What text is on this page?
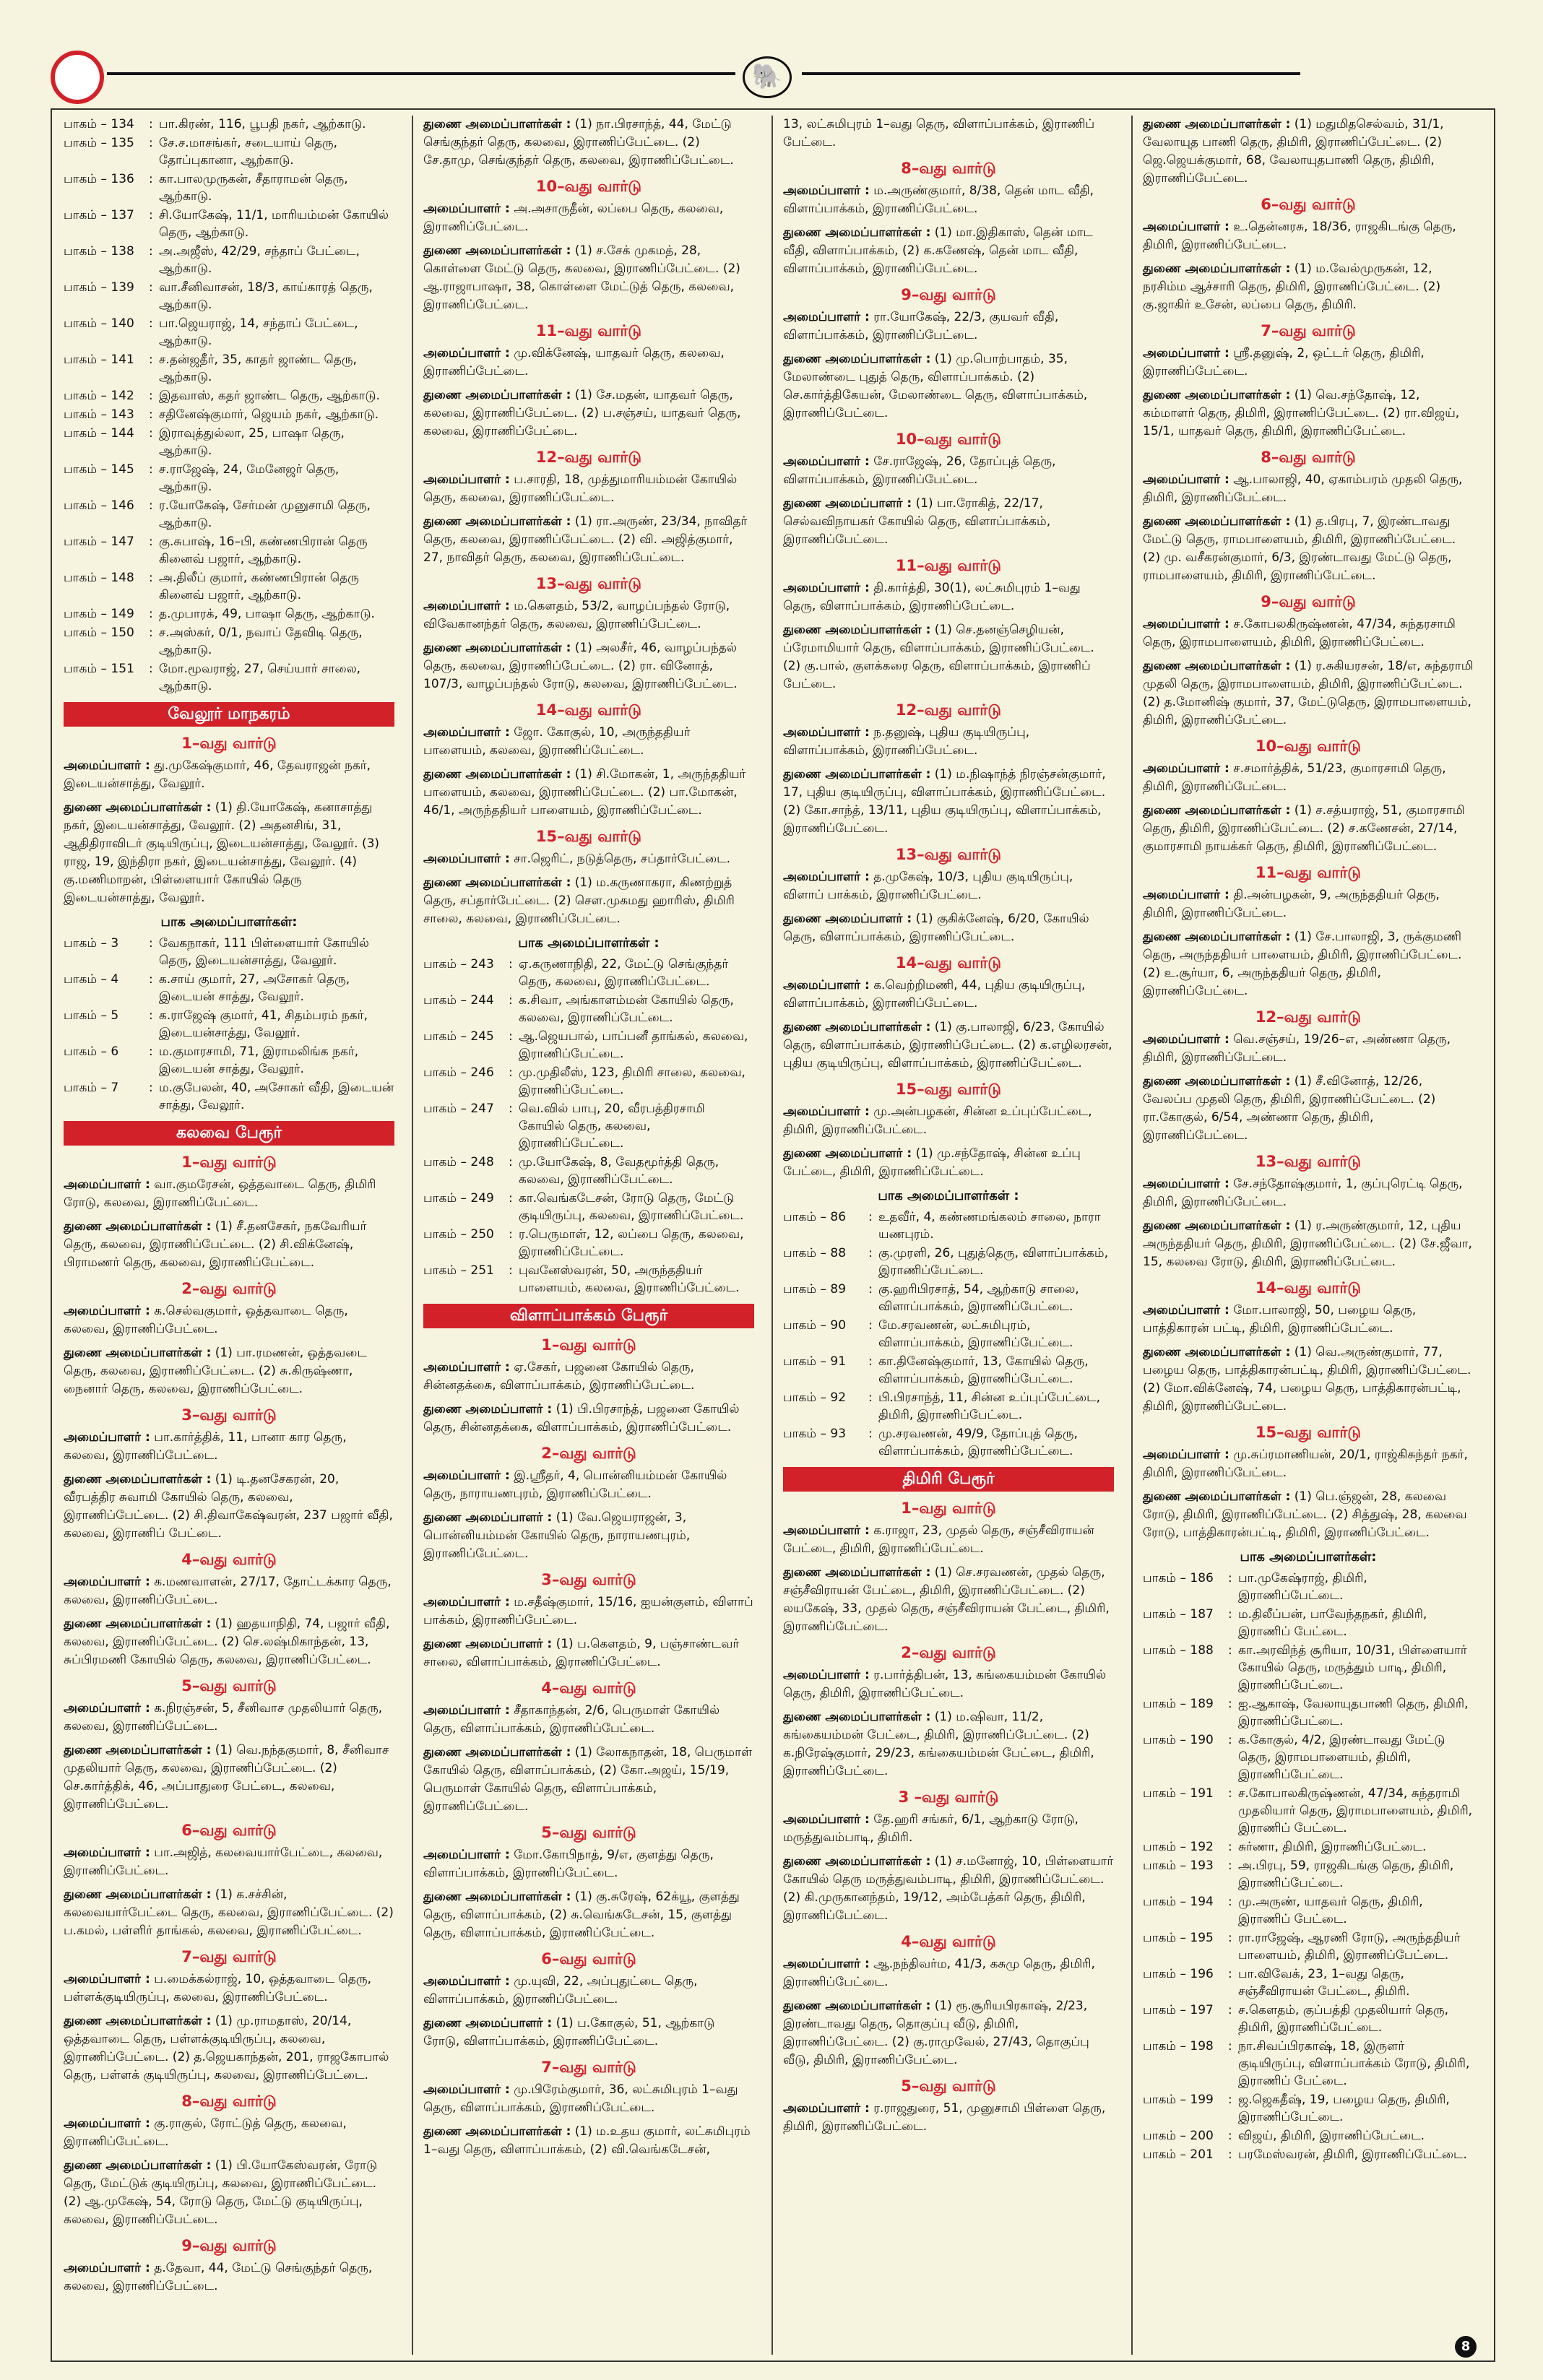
🐘
பாகம் – 134	: பா.கிரண், 116, பூபதி நகர், ஆற்காடு.
பாகம் – 135	: சே.ச.மாசங்கர், சடையாய் தெரு, தோப்புகானா, ஆற்காடு.
பாகம் – 136	: கா.பாலமுருகன், சீதாராமன் தெரு, ஆற்காடு.
பாகம் – 137	: சி.யோகேஷ், 11/1, மாரியம்மன் கோயில் தெரு, ஆற்காடு.
பாகம் – 138	: அ.அஜீஸ், 42/29, சந்தாப் பேட்டை, ஆற்காடு.
பாகம் – 139	: வா.சீனிவாசன், 18/3, காய்காரத் தெரு, ஆற்காடு.
பாகம் – 140	: பா.ஜெயராஜ், 14, சந்தாப் பேட்டை, ஆற்காடு.
பாகம் – 141	: ச.தன்ஜதீர், 35, காதர் ஜாண்ட தெரு, ஆற்காடு.
பாகம் – 142	: இதவாஸ், கதர் ஜாண்ட தெரு, ஆற்காடு.
பாகம் – 143	: சதினேஷ்குமார், ஜெயம் நகர், ஆற்காடு.
பாகம் – 144	: இராவுத்துல்லா, 25, பாஷா தெரு, ஆற்காடு.
பாகம் – 145	: ச.ராஜேஷ், 24, மேனேஜர் தெரு, ஆற்காடு.
பாகம் – 146	: ர.யோகேஷ், சேர்மன் முனுசாமி தெரு, ஆற்காடு.
பாகம் – 147	: கு.சுபாஷ், 16–பி, கண்ணபிரான் தெரு கினைவ் பஜார், ஆற்காடு.
பாகம் – 148	: அ.திலீப் குமார், கண்ணபிரான் தெரு கினைவ் பஜார், ஆற்காடு.
பாகம் – 149	: த.முபாரக், 49, பாஷா தெரு, ஆற்காடு.
பாகம் – 150	: ச.அஸ்கர், 0/1, நவாப் தேவிடி தெரு, ஆற்காடு.
பாகம் – 151	: மோ.மூவராஜ், 27, செய்யார் சாலை, ஆற்காடு.
வேலூர் மாநகரம்
1–வது வார்டு
அமைப்பாளர் : து.முகேஷ்குமார், 46, தேவராஜன் நகர், இடையன்சாத்து, வேலூர்.
துணை அமைப்பாளர்கள் : (1) தி.யோகேஷ், கனாசாத்து நகர், இடையன்சாத்து, வேலூர். (2) அதனசிங், 31, ஆதிதிராவிடர் குடியிருப்பு, இடையன்சாத்து, வேலூர். (3) ராஜ, 19, இந்திரா நகர், இடையன்சாத்து, வேலூர். (4) கு.மணிமாறன், பிள்ளையார் கோயில் தெரு இடையன்சாத்து, வேலூர்.
பாக அமைப்பாளர்கள்:
பாகம் – 3	: வேகநாகர், 111 பிள்ளையார் கோயில் தெரு, இடையன்சாத்து, வேலூர்.
பாகம் – 4	: க.சாய் குமார், 27, அசோகர் தெரு, இடையன் சாத்து, வேலூர்.
பாகம் – 5	: க.ராஜேஷ் குமார், 41, சிதம்பரம் நகர், இடையன்சாத்து, வேலூர்.
பாகம் – 6	: ம.குமாரசாமி, 71, இராமலிங்க நகர், இடையன் சாத்து, வேலூர்.
பாகம் – 7	: ம.குபேலன், 40, அசோகர் வீதி, இடையன் சாத்து, வேலூர்.
கலவை பேரூர்
1–வது வார்டு
அமைப்பாளர் : வா.குமரேசன், ஒத்தவாடை தெரு, திமிரி ரோடு, கலவை, இராணிப்பேட்டை.
துணை அமைப்பாளர்கள் : (1) சீ.தனசேகர், நகவேரியர் தெரு, கலவை, இராணிப்பேட்டை. (2) சி.விக்னேஷ், பிராமணர் தெரு, கலவை, இராணிப்பேட்டை.
2–வது வார்டு
அமைப்பாளர் : க.செல்வகுமார், ஒத்தவாடை தெரு, கலவை, இராணிப்பேட்டை.
துணை அமைப்பாளர்கள் : (1) பா.ரமணன், ஒத்தவடை தெரு, கலவை, இராணிப்பேட்டை. (2) சு.கிருஷ்ணா, நைனார் தெரு, கலவை, இராணிப்பேட்டை.
3–வது வார்டு
அமைப்பாளர் : பா.கார்த்திக், 11, பானா கார தெரு, கலவை, இராணிப்பேட்டை.
துணை அமைப்பாளர்கள் : (1) டி.தனசேகரன், 20, வீரபத்திர சுவாமி கோயில் தெரு, கலவை, இராணிப்பேட்டை. (2) சி.திவாகேஷ்வரன், 237 பஜார் வீதி, கலவை, இராணிப் பேட்டை.
4–வது வார்டு
அமைப்பாளர் : க.மணவாளன், 27/17, தோட்டக்கார தெரு, கலவை, இராணிப்பேட்டை.
துணை அமைப்பாளர்கள் : (1) ஹதயாநிதி, 74, பஜார் வீதி, கலவை, இராணிப்பேட்டை. (2) செ.லஷ்மிகாந்தன், 13, சுப்பிரமணி கோயில் தெரு, கலவை, இராணிப்பேட்டை.
5–வது வார்டு
அமைப்பாளர் : க.நிரஞ்சன், 5, சீனிவாச முதலியார் தெரு, கலவை, இராணிப்பேட்டை.
துணை அமைப்பாளர்கள் : (1) வெ.நந்தகுமார், 8, சீனிவாச முதலியார் தெரு, கலவை, இராணிப்பேட்டை. (2) செ.கார்த்திக், 46, அப்பாதுரை பேட்டை, கலவை, இராணிப்பேட்டை.
6–வது வார்டு
அமைப்பாளர் : பா.அஜித், கலவையார்பேட்டை, கலவை, இராணிப்பேட்டை.
துணை அமைப்பாளர்கள் : (1) க.சச்சின், கலவையார்பேட்டை தெரு, கலவை, இராணிப்பேட்டை. (2) ப.கமல், பள்ளிர் தாங்கல், கலவை, இராணிப்பேட்டை.
7–வது வார்டு
அமைப்பாளர் : ப.மைக்கல்ராஜ், 10, ஒத்தவாடை தெரு, பள்ளக்குடியிருப்பு, கலவை, இராணிப்பேட்டை.
துணை அமைப்பாளர்கள் : (1) மு.ராமதாஸ், 20/14, ஒத்தவாடை தெரு, பள்ளக்குடியிருப்பு, கலவை, இராணிப்பேட்டை. (2) த.ஜெயகாந்தன், 201, ராஜகோபால் தெரு, பள்ளக் குடியிருப்பு, கலவை, இராணிப்பேட்டை.
8–வது வார்டு
அமைப்பாளர் : கு.ராகுல், ரோட்டுத் தெரு, கலவை, இராணிப்பேட்டை.
துணை அமைப்பாளர்கள் : (1) பி.யோகேஸ்வரன், ரோடு தெரு, மேட்டுக் குடியிருப்பு, கலவை, இராணிப்பேட்டை. (2) ஆ.முகேஷ், 54, ரோடு தெரு, மேட்டு குடியிருப்பு, கலவை, இராணிப்பேட்டை.
9–வது வார்டு
அமைப்பாளர் : த.தேவா, 44, மேட்டு செங்குந்தர் தெரு, கலவை, இராணிப்பேட்டை.
துணை அமைப்பாளர்கள் : (1) நா.பிரசாந்த், 44, மேட்டு செங்குந்தர் தெரு, கலவை, இராணிப்பேட்டை. (2) சே.தாமு, செங்குந்தர் தெரு, கலவை, இராணிப்பேட்டை.
10–வது வார்டு
அமைப்பாளர் : அ.அசாருதீன், லப்பை தெரு, கலவை, இராணிப்பேட்டை.
துணை அமைப்பாளர்கள் : (1) ச.சேக் முகமத், 28, கொள்ளை மேட்டு தெரு, கலவை, இராணிப்பேட்டை. (2) ஆ.ராஜாபாஷா, 38, கொள்ளை மேட்டுத் தெரு, கலவை, இராணிப்பேட்டை.
11–வது வார்டு
அமைப்பாளர் : மு.விக்னேஷ், யாதவர் தெரு, கலவை, இராணிப்பேட்டை.
துணை அமைப்பாளர்கள் : (1) சே.மதன், யாதவர் தெரு, கலவை, இராணிப்பேட்டை. (2) ப.சஞ்சய், யாதவர் தெரு, கலவை, இராணிப்பேட்டை.
12–வது வார்டு
அமைப்பாளர் : ப.சாரதி, 18, முத்துமாரியம்மன் கோயில் தெரு, கலவை, இராணிப்பேட்டை.
துணை அமைப்பாளர்கள் : (1) ரா.அருண், 23/34, நாவிதர் தெரு, கலவை, இராணிப்பேட்டை. (2) வி. அஜித்குமார், 27, நாவிதர் தெரு, கலவை, இராணிப்பேட்டை.
13–வது வார்டு
அமைப்பாளர் : ம.கௌதம், 53/2, வாழப்பந்தல் ரோடு, விவேகானந்தர் தெரு, கலவை, இராணிப்பேட்டை.
துணை அமைப்பாளர்கள் : (1) அலசீர், 46, வாழப்பந்தல் தெரு, கலவை, இராணிப்பேட்டை. (2) ரா. வினோத், 107/3, வாழப்பந்தல் ரோடு, கலவை, இராணிப்பேட்டை.
14–வது வார்டு
அமைப்பாளர் : ஜோ. கோகுல், 10, அருந்ததியர் பாளையம், கலவை, இராணிப்பேட்டை.
துணை அமைப்பாளர்கள் : (1) சி.மோகன், 1, அருந்ததியர் பாளையம், கலவை, இராணிப்பேட்டை. (2) பா.மோகன், 46/1, அருந்ததியர் பாளையம், இராணிப்பேட்டை.
15–வது வார்டு
அமைப்பாளர் : சா.ஜெரிட், நடுத்தெரு, சப்தார்பேட்டை.
துணை அமைப்பாளர்கள் : (1) ம.கருணாகரா, கிணற்றுத் தெரு, சப்தார்பேட்டை. (2) சௌ.முகமது ஹாரிஸ், திமிரி சாலை, கலவை, இராணிப்பேட்டை.
பாக அமைப்பாளர்கள் :
பாகம் – 243	: ஏ.கருணாநிதி, 22, மேட்டு செங்குந்தர் தெரு, கலவை, இராணிப்பேட்டை.
பாகம் – 244	: க.சிவா, அங்காளம்மன் கோயில் தெரு, கலவை, இராணிப்பேட்டை.
பாகம் – 245	: ஆ.ஜெயபால், பாப்பனீ தாங்கல், கலவை, இராணிப்பேட்டை.
பாகம் – 246	: மு.முதிலீஸ், 123, திமிரி சாலை, கலவை, இராணிப்பேட்டை.
பாகம் – 247	: வெ.வில் பாபு, 20, வீரபத்திரசாமி கோயில் தெரு, கலவை, இராணிப்பேட்டை.
பாகம் – 248	: மு.யோகேஷ், 8, வேதமூர்த்தி தெரு, கலவை, இராணிப்பேட்டை.
பாகம் – 249	: கா.வெங்கடேசன், ரோடு தெரு, மேட்டு குடியிருப்பு, கலவை, இராணிப்பேட்டை.
பாகம் – 250	: ர.பெருமாள், 12, லப்பை தெரு, கலவை, இராணிப்பேட்டை.
பாகம் – 251	: புவனேஸ்வரன், 50, அருந்ததியர் பாளையம், கலவை, இராணிப்பேட்டை.
விளாப்பாக்கம் பேரூர்
1–வது வார்டு
அமைப்பாளர் : ஏ.சேகர், பஜனை கோயில் தெரு, சின்னதக்கை, விளாப்பாக்கம், இராணிப்பேட்டை.
துணை அமைப்பாளர் : (1) பி.பிரசாந்த், பஜனை கோயில் தெரு, சின்னதக்கை, விளாப்பாக்கம், இராணிப்பேட்டை.
2–வது வார்டு
அமைப்பாளர் : இ.ஸ்ரீதர், 4, பொன்னியம்மன் கோயில் தெரு, நாராயணபுரம், இராணிப்பேட்டை.
துணை அமைப்பாளர் : (1) வே.ஜெயராஜன், 3, பொன்னியம்மன் கோயில் தெரு, நாராயணபுரம், இராணிப்பேட்டை.
3–வது வார்டு
அமைப்பாளர் : ம.சதீஷ்குமார், 15/16, ஐயன்குளம், விளாப் பாக்கம், இராணிப்பேட்டை.
துணை அமைப்பாளர் : (1) ப.கௌதம், 9, பஞ்சாண்டவர் சாலை, விளாப்பாக்கம், இராணிப்பேட்டை.
4–வது வார்டு
அமைப்பாளர் : சீதாகாந்தன், 2/6, பெருமாள் கோயில் தெரு, விளாப்பாக்கம், இராணிப்பேட்டை.
துணை அமைப்பாளர்கள் : (1) லோகநாதன், 18, பெருமாள் கோயில் தெரு, விளாப்பாக்கம், (2) கோ.அஜய், 15/19, பெருமாள் கோயில் தெரு, விளாப்பாக்கம், இராணிப்பேட்டை.
5–வது வார்டு
அமைப்பாளர் : மோ.கோபிநாத், 9/எ, குளத்து தெரு, விளாப்பாக்கம், இராணிப்பேட்டை.
துணை அமைப்பாளர்கள் : (1) கு.சுரேஷ், 62க்யூ, குளத்து தெரு, விளாப்பாக்கம், (2) சு.வெங்கடேசன், 15, குளத்து தெரு, விளாப்பாக்கம், இராணிப்பேட்டை.
6–வது வார்டு
அமைப்பாளர் : மு.யுவி, 22, அப்புதுட்டை தெரு, விளாப்பாக்கம், இராணிப்பேட்டை.
துணை அமைப்பாளர் : (1) ப.கோகுல், 51, ஆற்காடு ரோடு, விளாப்பாக்கம், இராணிப்பேட்டை.
7–வது வார்டு
அமைப்பாளர் : மு.பிரேம்குமார், 36, லட்சுமிபுரம் 1–வது தெரு, விளாப்பாக்கம், இராணிப்பேட்டை.
துணை அமைப்பாளர்கள் : (1) ம.உதய குமார், லட்சுமிபுரம் 1–வது தெரு, விளாப்பாக்கம், (2) வி.வெங்கடேசன்,
13, லட்சுமிபுரம் 1–வது தெரு, விளாப்பாக்கம், இராணிப் பேட்டை.
8–வது வார்டு
அமைப்பாளர் : ம.அருண்குமார், 8/38, தென் மாட வீதி, விளாப்பாக்கம், இராணிப்பேட்டை.
துணை அமைப்பாளர்கள் : (1) மா.இதிகாஸ், தென் மாட வீதி, விளாப்பாக்கம், (2) க.கணேஷ், தென் மாட வீதி, விளாப்பாக்கம், இராணிப்பேட்டை.
9–வது வார்டு
அமைப்பாளர் : ரா.யோகேஷ், 22/3, குயவர் வீதி, விளாப்பாக்கம், இராணிப்பேட்டை.
துணை அமைப்பாளர்கள் : (1) மு.பொற்பாதம், 35, மேலாண்டை புதுத் தெரு, விளாப்பாக்கம். (2) செ.கார்த்திகேயன், மேலாண்டை தெரு, விளாப்பாக்கம், இராணிப்பேட்டை.
10–வது வார்டு
அமைப்பாளர் : சே.ராஜேஷ், 26, தோப்புத் தெரு, விளாப்பாக்கம், இராணிப்பேட்டை.
துணை அமைப்பாளர் : (1) பா.ரோகித், 22/17, செல்வவிநாயகர் கோயில் தெரு, விளாப்பாக்கம், இராணிப்பேட்டை.
11–வது வார்டு
அமைப்பாளர் : தி.கார்த்தி, 30(1), லட்சுமிபுரம் 1–வது தெரு, விளாப்பாக்கம், இராணிப்பேட்டை.
துணை அமைப்பாளர்கள் : (1) செ.தனஞ்செழியன், ப்ரேமாமியார் தெரு, விளாப்பாக்கம், இராணிப்பேட்டை. (2) கு.பால், குளக்கரை தெரு, விளாப்பாக்கம், இராணிப் பேட்டை.
12–வது வார்டு
அமைப்பாளர் : ந.தனுஷ், புதிய குடியிருப்பு, விளாப்பாக்கம், இராணிப்பேட்டை.
துணை அமைப்பாளர்கள் : (1) ம.நிஷாந்த் நிரஞ்சன்குமார், 17, புதிய குடியிருப்பு, விளாப்பாக்கம், இராணிப்பேட்டை. (2) கோ.சாந்த், 13/11, புதிய குடியிருப்பு, விளாப்பாக்கம், இராணிப்பேட்டை.
13–வது வார்டு
அமைப்பாளர் : த.முகேஷ், 10/3, புதிய குடியிருப்பு, விளாப் பாக்கம், இராணிப்பேட்டை.
துணை அமைப்பாளர் : (1) குகிக்னேஷ், 6/20, கோயில் தெரு, விளாப்பாக்கம், இராணிப்பேட்டை.
14–வது வார்டு
அமைப்பாளர் : க.வெற்றிமணி, 44, புதிய குடியிருப்பு, விளாப்பாக்கம், இராணிப்பேட்டை.
துணை அமைப்பாளர்கள் : (1) கு.பாலாஜி, 6/23, கோயில் தெரு, விளாப்பாக்கம், இராணிப்பேட்டை. (2) க.எழிலரசன், புதிய குடியிருப்பு, விளாப்பாக்கம், இராணிப்பேட்டை.
15–வது வார்டு
அமைப்பாளர் : மு.அன்பழகன், சின்ன உப்புப்பேட்டை, திமிரி, இராணிப்பேட்டை.
துணை அமைப்பாளர் : (1) மு.சந்தோஷ், சின்ன உப்பு பேட்டை, திமிரி, இராணிப்பேட்டை.
பாக அமைப்பாளர்கள் :
பாகம் – 86	: உதவீர், 4, கண்ணமங்கலம் சாலை, நாரா யணபுரம்.
பாகம் – 88	: கு.முரளி, 26, புதுத்தெரு, விளாப்பாக்கம், இராணிப்பேட்டை.
பாகம் – 89	: கு.ஹரிபிரசாத், 54, ஆற்காடு சாலை, விளாப்பாக்கம், இராணிப்பேட்டை.
பாகம் – 90	: மே.சரவணன், லட்சுமிபுரம், விளாப்பாக்கம், இராணிப்பேட்டை.
பாகம் – 91	: கா.தினேஷ்குமார், 13, கோயில் தெரு, விளாப்பாக்கம், இராணிப்பேட்டை.
பாகம் – 92	: பி.பிரசாந்த், 11, சின்ன உப்புப்பேட்டை, திமிரி, இராணிப்பேட்டை.
பாகம் – 93	: மு.சரவணன், 49/9, தோப்புத் தெரு, விளாப்பாக்கம், இராணிப்பேட்டை.
திமிரி பேரூர்
1–வது வார்டு
அமைப்பாளர் : க.ராஜா, 23, முதல் தெரு, சஞ்சீவிராயன் பேட்டை, திமிரி, இராணிப்பேட்டை.
துணை அமைப்பாளர்கள் : (1) செ.சரவணன், முதல் தெரு, சஞ்சீவிராயன் பேட்டை, திமிரி, இராணிப்பேட்டை. (2) லயகேஷ், 33, முதல் தெரு, சஞ்சீவிராயன் பேட்டை, திமிரி, இராணிப்பேட்டை.
2–வது வார்டு
அமைப்பாளர் : ர.பார்த்திபன், 13, கங்கையம்மன் கோயில் தெரு, திமிரி, இராணிப்பேட்டை.
துணை அமைப்பாளர்கள் : (1) ம.ஷிவா, 11/2, கங்கையம்மன் பேட்டை, திமிரி, இராணிப்பேட்டை. (2) க.நிரேஷ்குமார், 29/23, கங்கையம்மன் பேட்டை, திமிரி, இராணிப்பேட்டை.
3 –வது வார்டு
அமைப்பாளர் : தே.ஹரி சங்கர், 6/1, ஆற்காடு ரோடு, மருத்துவம்பாடி, திமிரி.
துணை அமைப்பாளர்கள் : (1) ச.மனோஜ், 10, பிள்ளையார் கோயில் தெரு மருத்துவம்பாடி, திமிரி, இராணிப்பேட்டை. (2) கி.முருகானந்தம், 19/12, அம்பேத்கர் தெரு, திமிரி, இராணிப்பேட்டை.
4–வது வார்டு
அமைப்பாளர் : ஆ.நந்திவர்ம, 41/3, கசுமு தெரு, திமிரி, இராணிப்பேட்டை.
துணை அமைப்பாளர்கள் : (1) ரூ.சூரியபிரகாஷ், 2/23, இரண்டாவது தெரு, தொகுப்பு வீடு, திமிரி, இராணிப்பேட்டை. (2) கு.ராமுவேல், 27/43, தொகுப்பு வீடு, திமிரி, இராணிப்பேட்டை.
5–வது வார்டு
அமைப்பாளர் : ர.ராஜதுரை, 51, முனுசாமி பிள்ளை தெரு, திமிரி, இராணிப்பேட்டை.
துணை அமைப்பாளர்கள் : (1) மதுமிதசெல்வம், 31/1, வேலாயுத பாணி தெரு, திமிரி, இராணிப்பேட்டை. (2) ஜெ.ஜெயக்குமார், 68, வேலாயுதபாணி தெரு, திமிரி, இராணிப்பேட்டை.
6–வது வார்டு
அமைப்பாளர் : உ.தென்னரசு, 18/36, ராஜகிடங்கு தெரு, திமிரி, இராணிப்பேட்டை.
துணை அமைப்பாளர்கள் : (1) ம.வேல்முருகன், 12, நரசிம்ம ஆச்சாரி தெரு, திமிரி, இராணிப்பேட்டை. (2) கு.ஜாகிர் உசேன், லப்பை தெரு, திமிரி.
7–வது வார்டு
அமைப்பாளர் : ஸ்ரீ.தனுஷ், 2, ஒட்டர் தெரு, திமிரி, இராணிப்பேட்டை.
துணை அமைப்பாளர்கள் : (1) வெ.சந்தோஷ், 12, கம்மாளர் தெரு, திமிரி, இராணிப்பேட்டை. (2) ரா.விஜய், 15/1, யாதவர் தெரு, திமிரி, இராணிப்பேட்டை.
8–வது வார்டு
அமைப்பாளர் : ஆ.பாலாஜி, 40, ஏகாம்பரம் முதலி தெரு, திமிரி, இராணிப்பேட்டை.
துணை அமைப்பாளர்கள் : (1) த.பிரபு, 7, இரண்டாவது மேட்டு தெரு, ராமபாளையம், திமிரி, இராணிப்பேட்டை. (2) மு. வசீகரன்குமார், 6/3, இரண்டாவது மேட்டு தெரு, ராமபாளையம், திமிரி, இராணிப்பேட்டை.
9–வது வார்டு
அமைப்பாளர் : ச.கோபலகிருஷ்ணன், 47/34, சுந்தரசாமி தெரு, இராமபாளையம், திமிரி, இராணிப்பேட்டை.
துணை அமைப்பாளர்கள் : (1) ர.சுகியரசன், 18/எ, சுந்தராமி முதலி தெரு, இராமபாளையம், திமிரி, இராணிப்பேட்டை. (2) த.மோனிஷ் குமார், 37, மேட்டுதெரு, இராமபாளையம், திமிரி, இராணிப்பேட்டை.
10–வது வார்டு
அமைப்பாளர் : ச.சமார்த்திக், 51/23, குமாரசாமி தெரு, திமிரி, இராணிப்பேட்டை.
துணை அமைப்பாளர்கள் : (1) ச.சத்யராஜ், 51, குமாரசாமி தெரு, திமிரி, இராணிப்பேட்டை. (2) ச.கணேசன், 27/14, குமாரசாமி நாயக்கர் தெரு, திமிரி, இராணிப்பேட்டை.
11–வது வார்டு
அமைப்பாளர் : தி.அன்பழகன், 9, அருந்ததியர் தெரு, திமிரி, இராணிப்பேட்டை.
துணை அமைப்பாளர்கள் : (1) சே.பாலாஜி, 3, ருக்குமணி தெரு, அருந்ததியர் பாளையம், திமிரி, இராணிப்பேட்டை. (2) உ.சூர்யா, 6, அருந்ததியர் தெரு, திமிரி, இராணிப்பேட்டை.
12–வது வார்டு
அமைப்பாளர் : வெ.சஞ்சய், 19/26–எ, அண்ணா தெரு, திமிரி, இராணிப்பேட்டை.
துணை அமைப்பாளர்கள் : (1) சீ.வினோத், 12/26, வேலப்ப முதலி தெரு, திமிரி, இராணிப்பேட்டை. (2) ரா.கோகுல், 6/54, அண்ணா தெரு, திமிரி, இராணிப்பேட்டை.
13–வது வார்டு
அமைப்பாளர் : சே.சந்தோஷ்குமார், 1, குப்புரெட்டி தெரு, திமிரி, இராணிப்பேட்டை.
துணை அமைப்பாளர்கள் : (1) ர.அருண்குமார், 12, புதிய அருந்ததியர் தெரு, திமிரி, இராணிப்பேட்டை. (2) சே.ஜீவா, 15, கலவை ரோடு, திமிரி, இராணிப்பேட்டை.
14–வது வார்டு
அமைப்பாளர் : மோ.பாலாஜி, 50, பழைய தெரு, பாத்திகாரன் பட்டி, திமிரி, இராணிப்பேட்டை.
துணை அமைப்பாளர்கள் : (1) வெ.அருண்குமார், 77, பழைய தெரு, பாத்திகாரன்பட்டி, திமிரி, இராணிப்பேட்டை. (2) மோ.விக்னேஷ், 74, பழைய தெரு, பாத்திகாரன்பட்டி, திமிரி, இராணிப்பேட்டை.
15–வது வார்டு
அமைப்பாளர் : மு.சுப்ரமாணியன், 20/1, ராஜ்கிசுந்தர் நகர், திமிரி, இராணிப்பேட்டை.
துணை அமைப்பாளர்கள் : (1) பெ.ஞ்ஜன், 28, கலவை ரோடு, திமிரி, இராணிப்பேட்டை. (2) சித்துஷ், 28, கலவை ரோடு, பாத்திகாரன்பட்டி, திமிரி, இராணிப்பேட்டை.
பாக அமைப்பாளர்கள்:
பாகம் – 186	: பா.முகேஷ்ராஜ், திமிரி, இராணிப்பேட்டை.
பாகம் – 187	: ம.திலீப்பன், பாவேந்தநகர், திமிரி, இராணிப் பேட்டை.
பாகம் – 188	: கா.அரவிந்த் சூரியா, 10/31, பிள்ளையார் கோயில் தெரு, மருத்தும் பாடி, திமிரி, இராணிப்பேட்டை.
பாகம் – 189	: ஐ.ஆகாஷ், வேலாயுதபாணி தெரு, திமிரி, இராணிப்பேட்டை.
பாகம் – 190	: க.கோகுல், 4/2, இரண்டாவது மேட்டு தெரு, இராமபாளையம், திமிரி, இராணிப்பேட்டை.
பாகம் – 191	: ச.கோபாலகிருஷ்ணன், 47/34, சுந்தராமி முதலியார் தெரு, இராமபாளையம், திமிரி, இராணிப் பேட்டை.
பாகம் – 192	: சுர்ணா, திமிரி, இராணிப்பேட்டை.
பாகம் – 193	: அ.பிரபு, 59, ராஜகிடங்கு தெரு, திமிரி, இராணிப்பேட்டை.
பாகம் – 194	: மு.அருண், யாதவர் தெரு, திமிரி, இராணிப் பேட்டை.
பாகம் – 195	: ரா.ராஜேஷ், ஆரணி ரோடு, அருந்ததியர் பாளையம், திமிரி, இராணிப்பேட்டை.
பாகம் – 196	: பா.விவேக், 23, 1–வது தெரு, சஞ்சீவிராயன் பேட்டை, திமிரி.
பாகம் – 197	: ச.கௌதம், குப்பத்தி முதலியார் தெரு, திமிரி, இராணிப்பேட்டை.
பாகம் – 198	: நா.சிவப்பிரகாஷ், 18, இருளர் குடியிருப்பு, விளாப்பாக்கம் ரோடு, திமிரி, இராணிப் பேட்டை.
பாகம் – 199	: ஜ.ஜெகதீஷ், 19, பழைய தெரு, திமிரி, இராணிப்பேட்டை.
பாகம் – 200	: விஜய், திமிரி, இராணிப்பேட்டை.
பாகம் – 201	: பரமேஸ்வரன், திமிரி, இராணிப்பேட்டை.
8
